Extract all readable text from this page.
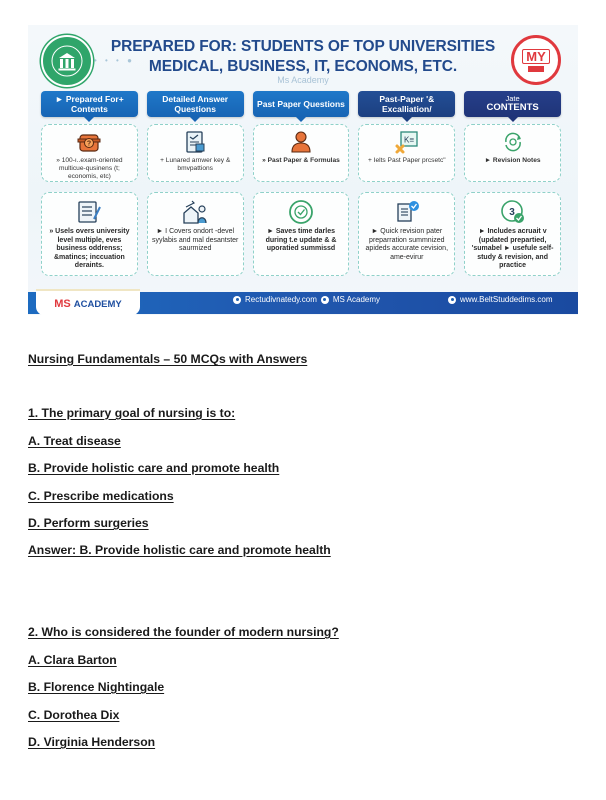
• • • ●
PREPARED FOR: STUDENTS OF TOP UNIVERSITIES
MEDICAL, BUSINESS, IT, ECONOMS, ETC.
Ms Academy
MY

► Prepared For+ Contents
Detailed Answer Questions	Past Paper Questions	Past-Paper '& Excalliation/
Jate
CONTENTS
?
» 100-ı..exam-oriented multicue-qusinens (t; economis, etc)
+ Lunared arnwer key & bmvpattions
» Past Paper & Formulas
K≡
+ Ielts Past Paper prcsetc"	► Revision Notes
» Usels overs university level multiple, eves business oddrenss; &matincs; inccuation deraints.
► I Covers ondort -devel syylabis and mal desantster saurmized
► Saves time darles during t.e update & & uporatied summissd
► Quick revision pater preparration summnized apideds accurate cevision, ame-evirur
3
► Includes acruait v (updated prepartied, 'sumabel ► usefule self-study & revision, and practice
MS ACADEMY	Rectudivnatedy.com MS Academy	www.BeltStuddedims.com
Nursing Fundamentals – 50 MCQs with Answers
1. The primary goal of nursing is to:
A. Treat disease
B. Provide holistic care and promote health
C. Prescribe medications
D. Perform surgeries
Answer: B. Provide holistic care and promote health
2. Who is considered the founder of modern nursing?
A. Clara Barton
B. Florence Nightingale
C. Dorothea Dix
D. Virginia Henderson
